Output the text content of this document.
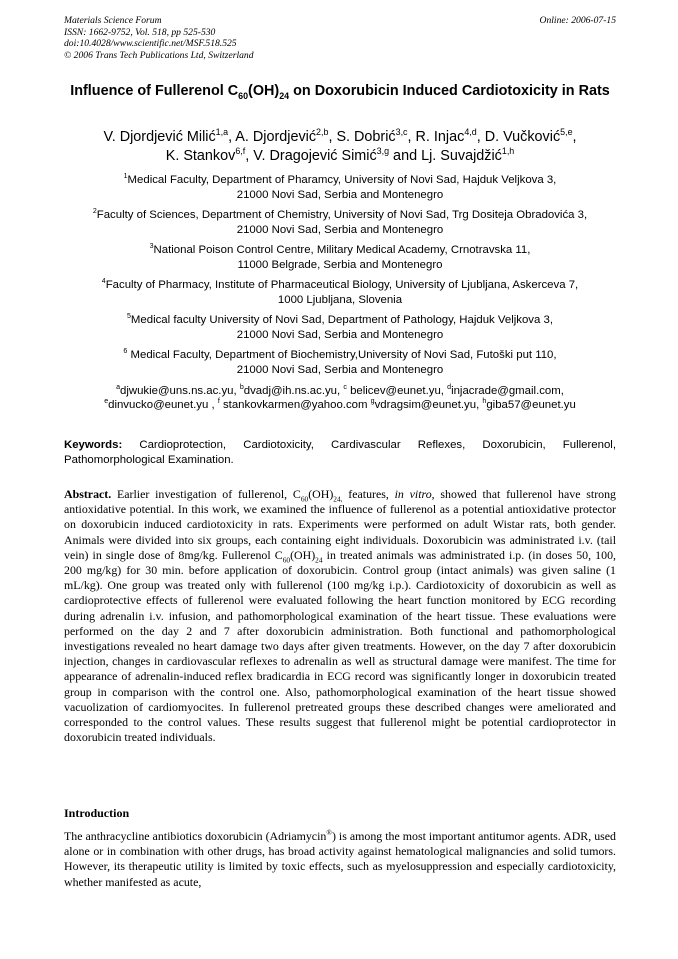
Materials Science Forum
ISSN: 1662-9752, Vol. 518, pp 525-530
doi:10.4028/www.scientific.net/MSF.518.525
© 2006 Trans Tech Publications Ltd, Switzerland
Online: 2006-07-15
Influence of Fullerenol $C_{60}(OH)_{24}$ on Doxorubicin Induced Cardiotoxicity in Rats
V. Djordjević Milić$^{1,a}$, A. Djordjević$^{2,b}$, S. Dobrić$^{3,c}$, R. Injac$^{4,d}$, D. Vučković$^{5,e}$,
K. Stankov$^{6,f}$, V. Dragojević Simić$^{3,g}$ and Lj. Suvajdžić$^{1,h}$
$^1$Medical Faculty, Department of Pharamcy, University of Novi Sad, Hajduk Veljkova 3,
21000 Novi Sad, Serbia and Montenegro
$^2$Faculty of Sciences, Department of Chemistry, University of Novi Sad, Trg Dositeja Obradovića 3,
21000 Novi Sad, Serbia and Montenegro
$^3$National Poison Control Centre, Military Medical Academy, Crnotravska 11,
11000 Belgrade, Serbia and Montenegro
$^4$Faculty of Pharmacy, Institute of Pharmaceutical Biology, University of Ljubljana, Askerceva 7,
1000 Ljubljana, Slovenia
$^5$Medical faculty University of Novi Sad, Department of Pathology, Hajduk Veljkova 3,
21000 Novi Sad, Serbia and Montenegro
$^6$ Medical Faculty, Department of Biochemistry,University of Novi Sad, Futoški put 110,
21000 Novi Sad, Serbia and Montenegro
$^a$djwukie@uns.ns.ac.yu, $^b$dvadj@ih.ns.ac.yu, $^c$ belicev@eunet.yu, $^d$injacrade@gmail.com,
$^e$dinvucko@eunet.yu , $^f$ stankovkarmen@yahoo.com $^g$vdragsim@eunet.yu, $^h$giba57@eunet.yu
Keywords: Cardioprotection, Cardiotoxicity, Cardivascular Reflexes, Doxorubicin, Fullerenol, Pathomorphological Examination.
Abstract. Earlier investigation of fullerenol, $C_{60}(OH)_{24,}$ features, in vitro, showed that fullerenol have strong antioxidative potential. In this work, we examined the influence of fullerenol as a potential antioxidative protector on doxorubicin induced cardiotoxicity in rats. Experiments were performed on adult Wistar rats, both gender. Animals were divided into six groups, each containing eight individuals. Doxorubicin was administrated i.v. (tail vein) in single dose of 8mg/kg. Fullerenol $C_{60}(OH)_{24}$ in treated animals was administrated i.p. (in doses 50, 100, 200 mg/kg) for 30 min. before application of doxorubicin. Control group (intact animals) was given saline (1 mL/kg). One group was treated only with fullerenol (100 mg/kg i.p.). Cardiotoxicity of doxorubicin as well as cardioprotective effects of fullerenol were evaluated following the heart function monitored by ECG recording during adrenalin i.v. infusion, and pathomorphological examination of the heart tissue. These evaluations were performed on the day 2 and 7 after doxorubicin administration. Both functional and pathomorphological investigations revealed no heart damage two days after given treatments. However, on the day 7 after doxorubicin injection, changes in cardiovascular reflexes to adrenalin as well as structural damage were manifest. The time for appearance of adrenalin-induced reflex bradicardia in ECG record was significantly longer in doxorubicin treated group in comparison with the control one. Also, pathomorphological examination of the heart tissue showed vacuolization of cardiomyocites. In fullerenol pretreated groups these described changes were ameliorated and corresponded to the control values. These results suggest that fullerenol might be potential cardioprotector in doxorubicin treated individuals.
Introduction
The anthracycline antibiotics doxorubicin (Adriamycin®) is among the most important antitumor agents. ADR, used alone or in combination with other drugs, has broad activity against hematological malignancies and solid tumors. However, its therapeutic utility is limited by toxic effects, such as myelosuppression and especially cardiotoxicity, whether manifested as acute,
